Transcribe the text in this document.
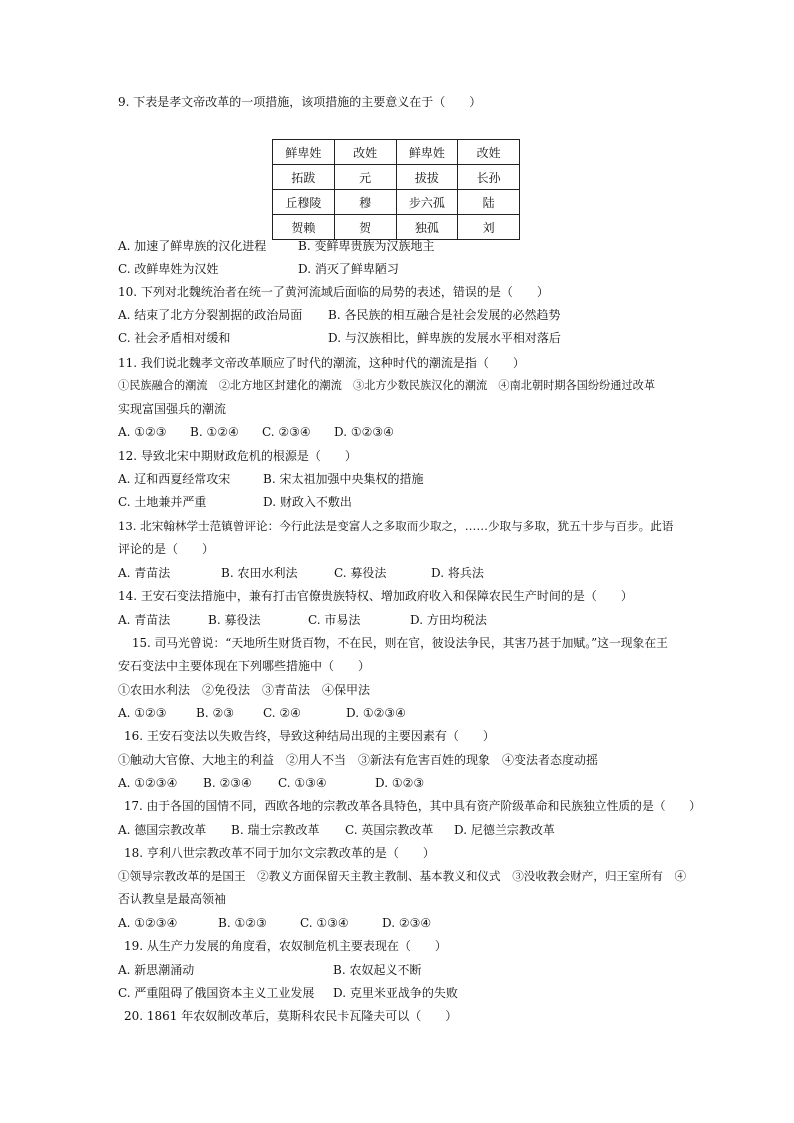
9. 下表是孝文帝改革的一项措施，该项措施的主要意义在于（　　）
鲜卑姓	改姓	鲜卑姓	改姓
拓跋	元	拔拔	长孙
丘穆陵	穆	步六孤	陆
贺赖	贺	独孤	刘
A. 加速了鲜卑族的汉化进程	B. 变鲜卑贵族为汉族地主
C. 改鲜卑姓为汉姓	D. 消灭了鲜卑陋习
10. 下列对北魏统治者在统一了黄河流域后面临的局势的表述，错误的是（　　）
A. 结束了北方分裂割据的政治局面 B. 各民族的相互融合是社会发展的必然趋势
C. 社会矛盾相对缓和	D. 与汉族相比，鲜卑族的发展水平相对落后
11. 我们说北魏孝文帝改革顺应了时代的潮流，这种时代的潮流是指（　　）
①民族融合的潮流　②北方地区封建化的潮流　③北方少数民族汉化的潮流　④南北朝时期各国纷纷通过改革
实现富国强兵的潮流
A. ①②③ B. ①②④ C. ②③④ D. ①②③④
12. 导致北宋中期财政危机的根源是（　　）
A. 辽和西夏经常攻宋	B. 宋太祖加强中央集权的措施
C. 土地兼并严重	D. 财政入不敷出
13. 北宋翰林学士范镇曾评论：今行此法是变富人之多取而少取之，……少取与多取，犹五十步与百步。此语
评论的是（　　）
A. 青苗法	B. 农田水利法	C. 募役法	D. 将兵法
14. 王安石变法措施中，兼有打击官僚贵族特权、增加政府收入和保障农民生产时间的是（　　）
A. 青苗法	B. 募役法	C. 市易法	D. 方田均税法
15. 司马光曾说：“天地所生财货百物，不在民，则在官，彼设法争民，其害乃甚于加赋。”这一现象在王
安石变法中主要体现在下列哪些措施中（　　）
①农田水利法　②免役法　③青苗法　④保甲法
A. ①②③ B. ②③ C. ②④	D. ①②③④
16. 王安石变法以失败告终，导致这种结局出现的主要因素有（　　）
①触动大官僚、大地主的利益　②用人不当　③新法有危害百姓的现象　④变法者态度动摇
A. ①②③④ B. ②③④ C. ①③④	D. ①②③
17. 由于各国的国情不同，西欧各地的宗教改革各具特色，其中具有资产阶级革命和民族独立性质的是（　　）
A. 德国宗教改革 B. 瑞士宗教改革 C. 英国宗教改革 D. 尼德兰宗教改革
18. 亨利八世宗教改革不同于加尔文宗教改革的是（　　）
①领导宗教改革的是国王　②教义方面保留天主教主教制、基本教义和仪式　③没收教会财产，归王室所有　④
否认教皇是最高领袖
A. ①②③④	B. ①②③	C. ①③④	D. ②③④
19. 从生产力发展的角度看，农奴制危机主要表现在（　　）
A. 新思潮涌动	B. 农奴起义不断
C. 严重阻碍了俄国资本主义工业发展 D. 克里米亚战争的失败
20. 1861 年农奴制改革后，莫斯科农民卡瓦隆夫可以（　　）
